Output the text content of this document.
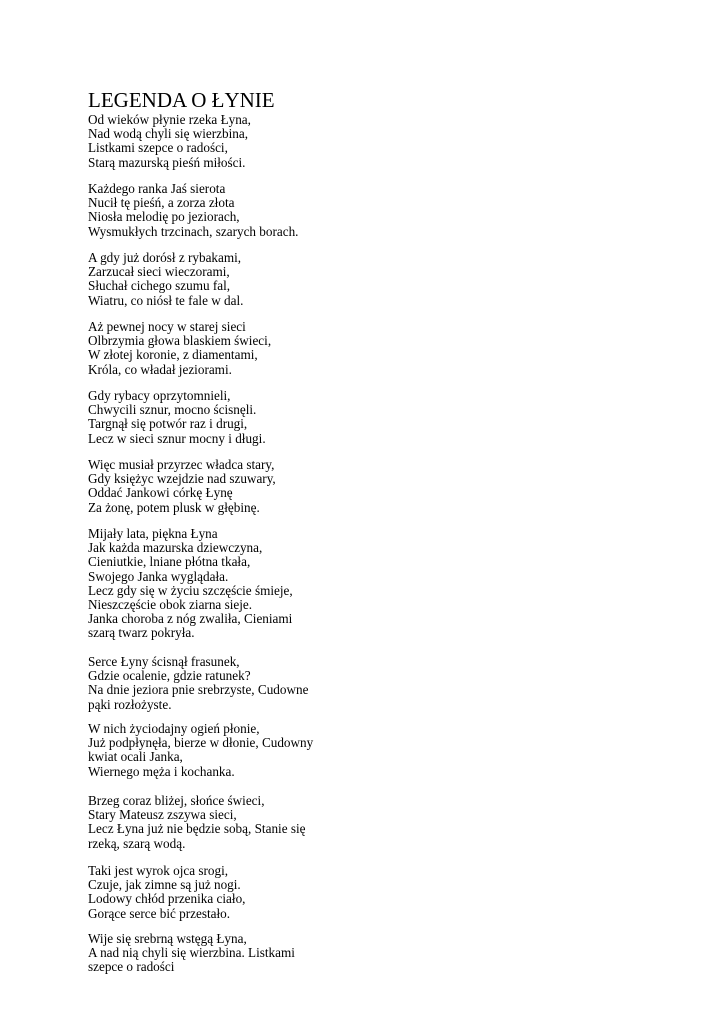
LEGENDA O ŁYNIE
Od wieków płynie rzeka Łyna,
Nad wodą chyli się wierzbina,
Listkami szepce o radości,
Starą mazurską pieśń miłości.
Każdego ranka Jaś sierota
Nucił tę pieśń, a zorza złota
Niosła melodię po jeziorach,
Wysmukłych trzcinach, szarych borach.
A gdy już dorósł z rybakami,
Zarzucał sieci wieczorami,
Słuchał cichego szumu fal,
Wiatru, co niósł te fale w dal.
Aż pewnej nocy w starej sieci
Olbrzymia głowa blaskiem świeci,
W złotej koronie, z diamentami,
Króla, co władał jeziorami.
Gdy rybacy oprzytomnieli,
Chwycili sznur, mocno ścisnęli.
Targnął się potwór raz i drugi,
Lecz w sieci sznur mocny i długi.
Więc musiał przyrzec władca stary,
Gdy księżyc wzejdzie nad szuwary,
Oddać Jankowi córkę Łynę
Za żonę, potem plusk w głębinę.
Mijały lata, piękna Łyna
Jak każda mazurska dziewczyna,
Cieniutkie, lniane płótna tkała,
Swojego Janka wyglądała.
Lecz gdy się w życiu szczęście śmieje,
Nieszczęście obok ziarna sieje.
Janka choroba z nóg zwaliła, Cieniami
szarą twarz pokryła.
Serce Łyny ścisnął frasunek,
Gdzie ocalenie, gdzie ratunek?
Na dnie jeziora pnie srebrzyste, Cudowne
pąki rozłożyste.
W nich życiodajny ogień płonie,
Już podpłynęła, bierze w dłonie, Cudowny
kwiat ocali Janka,
Wiernego męża i kochanka.
Brzeg coraz bliżej, słońce świeci,
Stary Mateusz zszywa sieci,
Lecz Łyna już nie będzie sobą, Stanie się
rzeką, szarą wodą.
Taki jest wyrok ojca srogi,
Czuje, jak zimne są już nogi.
Lodowy chłód przenika ciało,
Gorące serce bić przestało.
Wije się srebrną wstęgą Łyna,
A nad nią chyli się wierzbina. Listkami
szepce o radości
